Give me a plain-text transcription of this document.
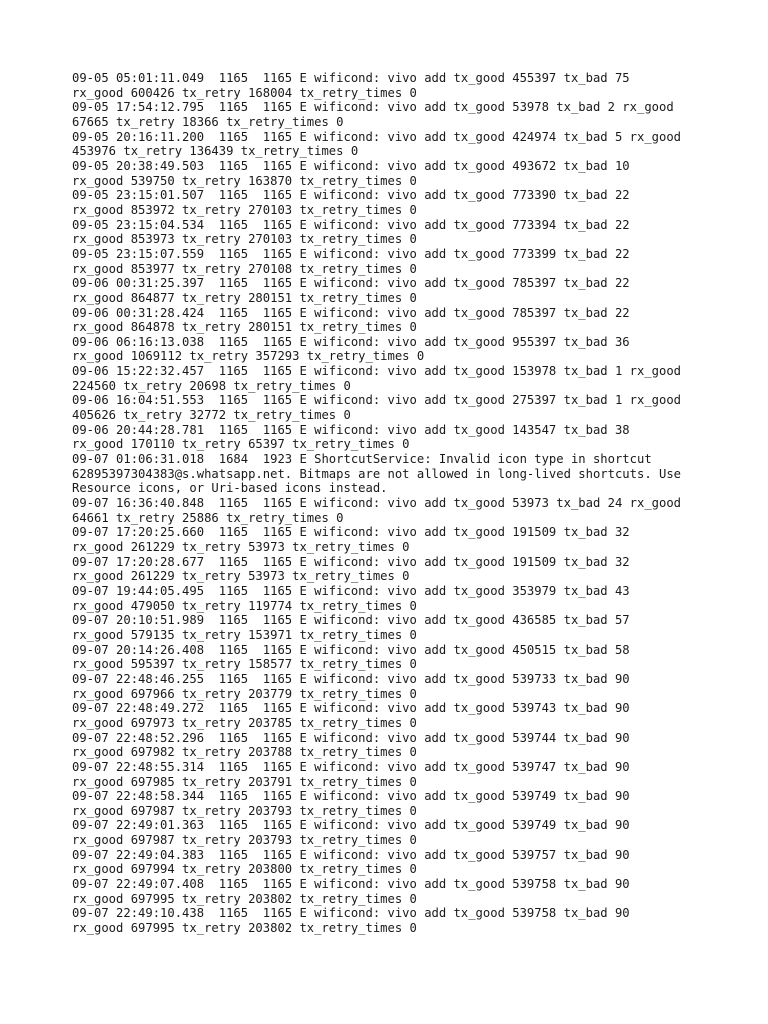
09-05 05:01:11.049  1165  1165 E wificond: vivo add tx_good 455397 tx_bad 75
rx_good 600426 tx_retry 168004 tx_retry_times 0
09-05 17:54:12.795  1165  1165 E wificond: vivo add tx_good 53978 tx_bad 2 rx_good
67665 tx_retry 18366 tx_retry_times 0
09-05 20:16:11.200  1165  1165 E wificond: vivo add tx_good 424974 tx_bad 5 rx_good
453976 tx_retry 136439 tx_retry_times 0
09-05 20:38:49.503  1165  1165 E wificond: vivo add tx_good 493672 tx_bad 10
rx_good 539750 tx_retry 163870 tx_retry_times 0
09-05 23:15:01.507  1165  1165 E wificond: vivo add tx_good 773390 tx_bad 22
rx_good 853972 tx_retry 270103 tx_retry_times 0
09-05 23:15:04.534  1165  1165 E wificond: vivo add tx_good 773394 tx_bad 22
rx_good 853973 tx_retry 270103 tx_retry_times 0
09-05 23:15:07.559  1165  1165 E wificond: vivo add tx_good 773399 tx_bad 22
rx_good 853977 tx_retry 270108 tx_retry_times 0
09-06 00:31:25.397  1165  1165 E wificond: vivo add tx_good 785397 tx_bad 22
rx_good 864877 tx_retry 280151 tx_retry_times 0
09-06 00:31:28.424  1165  1165 E wificond: vivo add tx_good 785397 tx_bad 22
rx_good 864878 tx_retry 280151 tx_retry_times 0
09-06 06:16:13.038  1165  1165 E wificond: vivo add tx_good 955397 tx_bad 36
rx_good 1069112 tx_retry 357293 tx_retry_times 0
09-06 15:22:32.457  1165  1165 E wificond: vivo add tx_good 153978 tx_bad 1 rx_good
224560 tx_retry 20698 tx_retry_times 0
09-06 16:04:51.553  1165  1165 E wificond: vivo add tx_good 275397 tx_bad 1 rx_good
405626 tx_retry 32772 tx_retry_times 0
09-06 20:44:28.781  1165  1165 E wificond: vivo add tx_good 143547 tx_bad 38
rx_good 170110 tx_retry 65397 tx_retry_times 0
09-07 01:06:31.018  1684  1923 E ShortcutService: Invalid icon type in shortcut
62895397304383@s.whatsapp.net. Bitmaps are not allowed in long-lived shortcuts. Use
Resource icons, or Uri-based icons instead.
09-07 16:36:40.848  1165  1165 E wificond: vivo add tx_good 53973 tx_bad 24 rx_good
64661 tx_retry 25886 tx_retry_times 0
09-07 17:20:25.660  1165  1165 E wificond: vivo add tx_good 191509 tx_bad 32
rx_good 261229 tx_retry 53973 tx_retry_times 0
09-07 17:20:28.677  1165  1165 E wificond: vivo add tx_good 191509 tx_bad 32
rx_good 261229 tx_retry 53973 tx_retry_times 0
09-07 19:44:05.495  1165  1165 E wificond: vivo add tx_good 353979 tx_bad 43
rx_good 479050 tx_retry 119774 tx_retry_times 0
09-07 20:10:51.989  1165  1165 E wificond: vivo add tx_good 436585 tx_bad 57
rx_good 579135 tx_retry 153971 tx_retry_times 0
09-07 20:14:26.408  1165  1165 E wificond: vivo add tx_good 450515 tx_bad 58
rx_good 595397 tx_retry 158577 tx_retry_times 0
09-07 22:48:46.255  1165  1165 E wificond: vivo add tx_good 539733 tx_bad 90
rx_good 697966 tx_retry 203779 tx_retry_times 0
09-07 22:48:49.272  1165  1165 E wificond: vivo add tx_good 539743 tx_bad 90
rx_good 697973 tx_retry 203785 tx_retry_times 0
09-07 22:48:52.296  1165  1165 E wificond: vivo add tx_good 539744 tx_bad 90
rx_good 697982 tx_retry 203788 tx_retry_times 0
09-07 22:48:55.314  1165  1165 E wificond: vivo add tx_good 539747 tx_bad 90
rx_good 697985 tx_retry 203791 tx_retry_times 0
09-07 22:48:58.344  1165  1165 E wificond: vivo add tx_good 539749 tx_bad 90
rx_good 697987 tx_retry 203793 tx_retry_times 0
09-07 22:49:01.363  1165  1165 E wificond: vivo add tx_good 539749 tx_bad 90
rx_good 697987 tx_retry 203793 tx_retry_times 0
09-07 22:49:04.383  1165  1165 E wificond: vivo add tx_good 539757 tx_bad 90
rx_good 697994 tx_retry 203800 tx_retry_times 0
09-07 22:49:07.408  1165  1165 E wificond: vivo add tx_good 539758 tx_bad 90
rx_good 697995 tx_retry 203802 tx_retry_times 0
09-07 22:49:10.438  1165  1165 E wificond: vivo add tx_good 539758 tx_bad 90
rx_good 697995 tx_retry 203802 tx_retry_times 0
